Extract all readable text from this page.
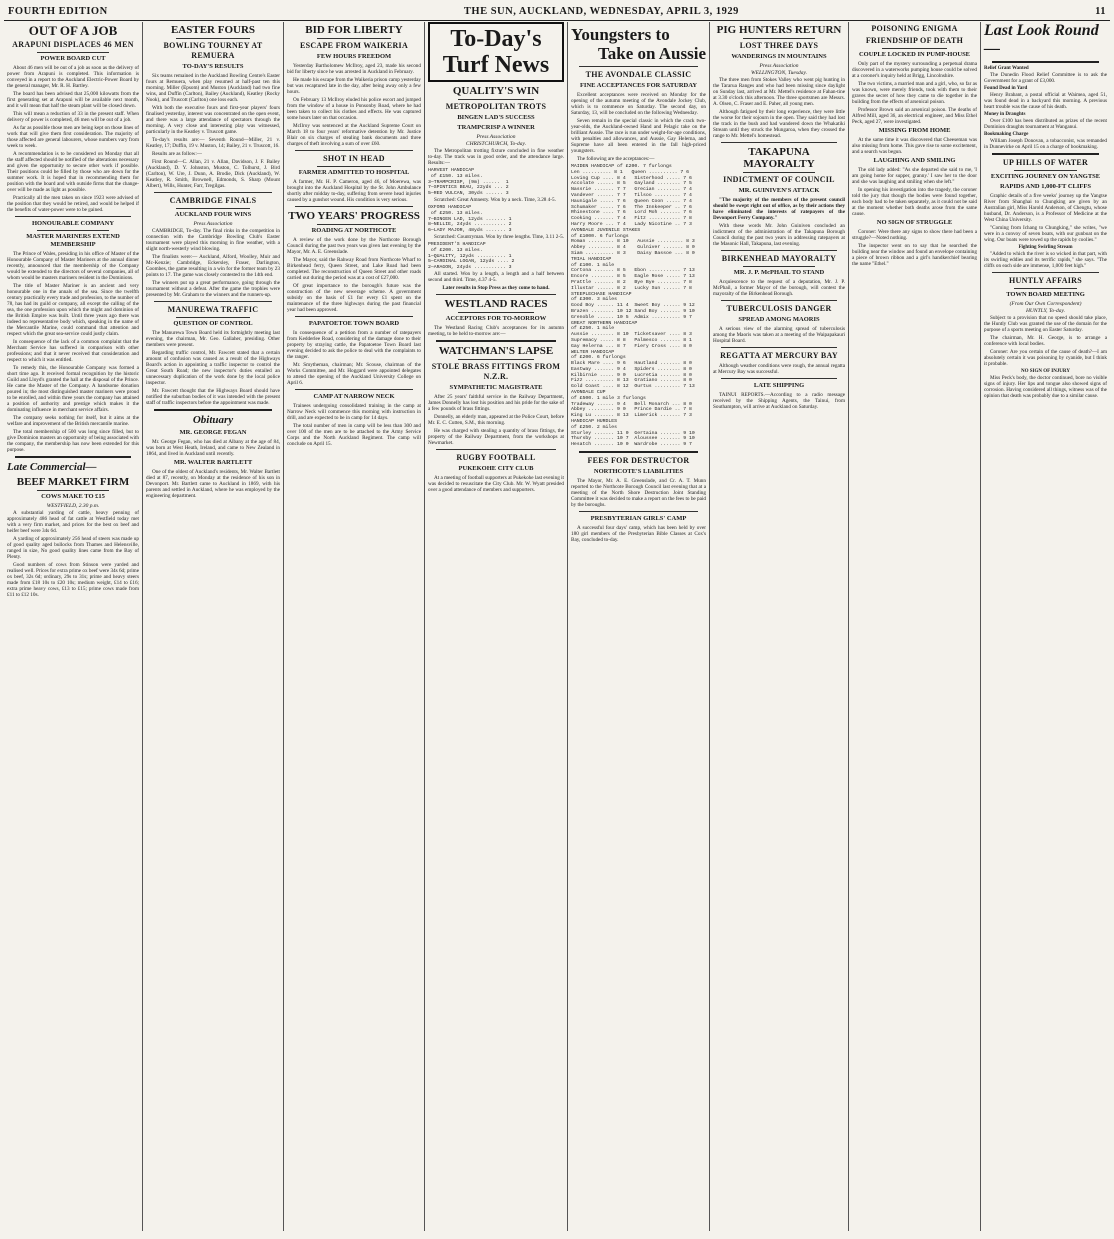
FOURTH EDITION	THE SUN, AUCKLAND, WEDNESDAY, APRIL 3, 1929	11
OUT OF A JOB
ARAPUNI DISPLACES 46 MEN
POWER BOARD CUT

About 46 men will be out of a job as soon as the delivery of power from Arapuni is completed. This information is conveyed in a report to the Auckland Electric-Power Board by the general manager, Mr. R. H. Bartley.

The board has been advised that 25,000 kilowatts from the first generating set at Arapuni will be available next month, and it will mean that half the steam plant will be closed down.

This will mean a reduction of 33 in the present staff. When delivery of power is completed, 46 men will be out of a job.

As far as possible those men are being kept on those lines of work that will give them first consideration. The majority of those affected are general labourers, whose numbers vary from week to week.

A recommendation is to be considered on Monday that all the staff affected should be notified of the alterations necessary and given the opportunity to secure other work if possible. Their positions could be filled by those who are down for the summer work. It is hoped that in recommending them for position with the board and with outside firms that the change-over will be made as light as possible.

Practically all the men taken on since 1923 were advised of the position that they would be retired, and would be helped if the benefits of water-power were to be gained.

HONOURABLE COMPANY
MASTER MARINERS EXTEND MEMBERSHIP

The Prince of Wales, presiding in his office of Master of the Honourable Company of Master Mariners at the annual dinner recently, announced that the membership of the Company would be extended to the directors of several companies, all of whom would be masters mariners resident in the Dominions.

The title of Master Mariner is an ancient and very honourable one in the annals of the sea. Since the twelfth century practically every trade and profession, to the number of 78, has had its guild or company, all except the calling of the sea, the one profession upon which the might and dominion of the British Empire was built. Until three years ago there was indeed no representative body which, speaking in the name of the Mercantile Marine, could command that attention and respect which the great sea-service could justly claim.

In consequence of the lack of a common complaint that the Merchant Service has suffered in comparison with other professions; and that it never received that consideration and respect to which it was entitled.

To remedy this, the Honourable Company was formed a short time ago. It received formal recognition by the historic Guild and Lloyd's granted the hall at the disposal of the Prince. He came the Master of the Company. A handsome donation poured in; the most distinguished master mariners were proud to be enrolled, and within three years the company has attained a position of authority and prestige which makes it the dominating influence in merchant service affairs.

The company seeks nothing for itself, but it aims at the welfare and improvement of the British mercantile marine.

The total membership of 500 was long since filled, but to give Dominion masters an opportunity of being associated with the company, the membership has now been extended for this purpose.

Late Commercial—
BEEF MARKET FIRM
COWS MAKE TO £15
WESTFIELD, 2.30 p.m.

A substantial yarding of cattle, heavy penning of approximately 486 head of fat cattle at Westfield today met with a very firm market, and prices for the best ox beef and heifer beef were 34s 6d.

A yarding of approximately 256 head of steers was made up of good quality aged bullocks from Thames and Helensville, ranged in size, No good quality lines came from the Bay of Plenty.

Good numbers of cows from Stinson were yarded and realised well. Prices for extra prime ox beef were 34s 6d; prime ox beef, 32s 6d; ordinary, 29s to 31s; prime and heavy steers made from £18 10s to £20 10s; medium weight, £14 to £16; extra prime heavy cows, £13 to £15; prime cows made from £11 to £12 10s.

EASTER FOURS
BOWLING TOURNEY AT REMUERA
TO-DAY'S RESULTS

Six teams remained in the Auckland Bowling Centre's Easter fours at Remuera, when play resumed at half-past ten this morning. Miller (Epsom) and Muston (Auckland) had two fine wins, and Duffin (Carlton), Bailey (Auckland), Keatley (Rocky Nook), and Truscott (Carlton) one loss each.

With both the executive fours and first-year players' fours finalised yesterday, interest was concentrated on the open event, and there was a large attendance of spectators through the morning. A very close and interesting play was witnessed, particularly in the Keatley v. Truscott game.

To-day's results are:— Seventh Round—Miller, 21 v. Keatley, 17; Duffin, 19 v. Muston, 14; Bailey, 21 v. Truscott, 16.

Results are as follow:—

First Round—C. Allan, 21 v. Allan, Davidson, J. F. Bailey (Auckland), D. Y. Johnston, Muston, C. Tolhurst, J. Bird (Carlton), W. Ure, J. Dunn, A. Brodie, Dick (Auckland), W. Keatley, R. Smith, Brownell, Edmonds, S. Sharp (Mount Albert), Wills, Hunter, Farr, Tregilgas.

CAMBRIDGE FINALS
AUCKLAND FOUR WINS
Press Association

CAMBRIDGE, To-day. The final rinks in the competition in connection with the Cambridge Bowling Club's Easter tournament were played this morning in fine weather, with a slight north-westerly wind blowing.

The finalists were:— Auckland, Alford, Woolley, Muir and Mc-Kenzie; Cambridge, Eckersley, Fraser, Darlington, Coombes, the game resulting in a win for the former team by 23 points to 17. The game was closely contested to the 14th end.

The winners put up a great performance, going through the tournament without a defeat. After the game the trophies were presented by Mr. Graham to the winners and the runners-up.

MANUREWA TRAFFIC
QUESTION OF CONTROL

The Manurewa Town Board held its fortnightly meeting last evening, the chairman, Mr. Geo. Gallaher, presiding. Other members were present.

Regarding traffic control, Mr. Fawcett stated that a certain amount of confusion was caused as a result of the Highways Board's action in appointing a traffic inspector to control the Great South Road; the new inspector's duties entailed an unnecessary duplication of the work done by the local police inspector.

Mr. Fawcett thought that the Highways Board should have notified the suburban bodies of it was intended with the present staff of traffic inspectors before the appointment was made.

Obituary
MR. GEORGE FEGAN

Mr. George Fegan, who has died at Albany at the age of 84, was born at West Heath, Ireland, and came to New Zealand in 1864, and lived in Auckland until recently.

MR. WALTER BARTLETT

One of the oldest of Auckland's residents, Mr. Walter Bartlett died at 87, recently, on Monday at the residence of his son in Devonport. Mr. Bartlett came to Auckland in 1869, with his parents and settled in Auckland, where he was employed by the engineering department.

BID FOR LIBERTY
ESCAPE FROM WAIKERIA
FEW HOURS FREEDOM

Yesterday Bartholomew McIlroy, aged 23, made his second bid for liberty since he was arrested in Auckland in February.

He made his escape from the Waikeria prison camp yesterday but was recaptured late in the day, after being away only a few hours.

On February 13 McIlroy eluded his police escort and jumped from the window of a house in Ponsonby Road, where he had been taken to collect his clothes and effects. He was captured some hours later on that occasion.

McIlroy was sentenced at the Auckland Supreme Court on March 18 to four years' reformative detention by Mr. Justice Blair on six charges of stealing bank documents and three charges of theft involving a sum of over £60.

SHOT IN HEAD
FARMER ADMITTED TO HOSPITAL

A farmer, Mr. H. P. Cameron, aged 46, of Moerewa, was brought into the Auckland Hospital by the St. John Ambulance shortly after midday to-day, suffering from severe head injuries caused by a gunshot wound. His condition is very serious.

TWO YEARS' PROGRESS
ROADING AT NORTHCOTE

A review of the work done by the Northcote Borough Council during the past two years was given last evening by the Mayor, Mr. A. E. Greenslade.

The Mayor, said the Rahway Road from Northcote Wharf to Birkenhead ferry, Queen Street, and Lake Road had been completed. The reconstruction of Queen Street and other roads carried out during the period was at a cost of £27,000.

Of great importance to the borough's future was the construction of the new sewerage scheme. A government subsidy on the basis of £1 for every £1 spent on the maintenance of the three highways during the past financial year had been approved.

PAPATOETOE TOWN BOARD

In consequence of a petition from a number of ratepayers from Kedderlee Road, considering of the damage done to their property by straying cattle, the Papatoetoe Town Board last evening decided to ask the police to deal with the complaints to the ranger.

Mr. Smytheman, chairman; Mr. Scouse, chairman of the Works Committee, and Mr. Hoggard were appointed delegates to attend the opening of the Auckland University College on April 6.

CAMP AT NARROW NECK

Trainees undergoing consolidated training in the camp at Narrow Neck will commence this morning with instruction in drill, and are expected to be in camp for 14 days.

The total number of men in camp will be less than 300 and over 100 of the men are to be attached to the Army Service Corps and the North Auckland Regiment. The camp will conclude on April 15.

To-Day's Turf News
QUALITY'S WIN
METROPOLITAN TROTS
BINGEN LAD'S SUCCESS
TRAMPCRISP A WINNER
Press Association
CHRISTCHURCH, To-day.

The Metropolitan trotting fixture concluded in fine weather to-day. The track was in good order, and the attendance large. Results:—

HARVEST HANDICAP
of £150. 13 miles.
3—TRAMPCRISP, (9m) ......  1
7—SPINTICS BEAU, 22yds ... 2
5—RED VULCAN, 30yds ...... 3

Scratched: Great Amnesty. Won by a neck. Time, 3.28 4-5.

OXFORD HANDICAP
of £250. 13 miles.
7—BINGEN LAD, 12yds ....... 1
8—NELLIE, 24yds ........... 2
6—LADY MAJOR, 48yds ....... 3

Scratched: Countryman. Won by three lengths. Time, 3.11 2-5.

PRESIDENT'S HANDICAP
of £200. 13 miles.
1—QUALITY, 12yds .......... 1
5—CARDINAL LOGAN, 12yds .... 2
2—ARAGON, 24yds ........... 3

All started. Won by a length, a length and a half between second and third. Time, 4.37 4-5.

Later results in Stop Press as they come to hand.

WESTLAND RACES
ACCEPTORS FOR TO-MORROW

The Westland Racing Club's acceptances for its autumn meeting, to be held to-morrow are:—

WATCHMAN'S LAPSE
STOLE BRASS FITTINGS FROM N.Z.R.
SYMPATHETIC MAGISTRATE

After 25 years' faithful service in the Railway Department, James Donnelly has lost his position and his pride for the sake of a few pounds of brass fittings.

Donnelly, an elderly man, appeared at the Police Court, before Mr. E. C. Cutten, S.M., this morning.

He was charged with stealing a quantity of brass fittings, the property of the Railway Department, from the workshops at Newmarket.

RUGBY FOOTBALL
PUKEKOHE CITY CLUB

At a meeting of football supporters at Pukekohe last evening it was decided to resuscitate the City Club. Mr. W. Wyatt presided over a good attendance of members and supporters.

Youngsters to
Take on Aussie
THE AVONDALE CLASSIC
FINE ACCEPTANCES FOR SATURDAY

Excellent acceptances were received on Monday for the opening of the autumn meeting of the Avondale Jockey Club, which is to commence on Saturday. The second day, on Saturday, 13, will be concluded on the following Wednesday.

Seven remain in the special classic in which the crack two-year-olds, the Auckland-owned Hand and Pelagic take on the brilliant Aussie. The race is run under weight-for-age conditions, with penalties and allowances, and Aussie, Gay Helerna, and Supreme have all been entered in the fall high-priced youngsters.

The following are the acceptances:—

MAIDEN HANDICAP of £200. 7 furlongs
Len .......... 8 1   Queen .......... 7 6
Loving Cup .... 8 4   Sisterhood ..... 7 6
Accolate ...... 8 5   Gayland ........ 7 5
Nassrie ....... 7 7   Grecian ........ 7 4
Vandever ...... 7 7   Tilsoo ......... 7 4
Haunigale ..... 7 6   Queen Coon ..... 7 4
Schumaker ..... 7 6   The Innkeeper .. 7 6
Rhinestone .... 7 6   Lord Moh ....... 7 6
Cooking ....... 7 4   Fitz ........... 7 8
Harry Moore ... 7 4   Lady Nicotine .. 7 3
AVONDALE JUVENILE STAKES
of £1000. 6 furlongs
Roman ......... 8 10   Aussie ......... 8 3
Abbey ......... 8 4    Gulniver ....... 8 0
Siam .......... 8 3    Daisy Bassoe ... 8 0
TRIAL HANDICAP
of £100. 1 mile
Cortona ....... 8 5   Ebon ........... 7 13
Encore ........ 8 5   Eagle Rose ..... 7 13
Prattle ....... 8 2   Bye Bye ........ 7 8
Illustar ...... 8 2   Lucky Sun ...... 7 8
STEEPLECHASE HANDICAP
of £300. 3 miles
Good Boy ...... 11 4  Sweet Boy ...... 9 12
Brazen ........ 10 12 Sand Boy ....... 9 10
Grenoble ...... 10 5  Admix .......... 9 7
GREAT NORTHERN HANDICAP
of £250. 1 mile
Aussie ........ 8 10  Ticketsaver .... 8 3
Supremacy ..... 8 8   Palmesco ....... 8 1
Gay Helerna ... 8 7   Fiery Cross .... 8 0
WELTER HANDICAP
of £200. 6 furlongs
Black Mare .... 9 6   Hautland ....... 8 0
Eastway ....... 9 4   Spiders ........ 8 0
Kilbirnie ..... 9 0   Lucretia ....... 8 0
Fizz .......... 8 13  Gratiano ....... 8 0
Gold Coast .... 8 12  Ourtus ......... 7 13
AVONDALE CUP
of £500. 1 mile 3 furlongs
Tradeway ...... 9 4   Bell Monarch ... 8 0
Abbey ......... 9 0   Prince Dardie .. 7 8
King Lu ....... 8 13  Limerick ....... 7 3
HANDICAP HURDLES
of £250. 2 miles
Sturley ....... 11 0  Gertaina ....... 9 10
Thursby ....... 10 7  Aloussee ....... 9 10
Hesatch ....... 10 0  Wardrobe ....... 9 7
FEES FOR DESTRUCTOR
NORTHCOTE'S LIABILITIES

The Mayor, Mr. A. E. Greenslade, and Cr. A. T. Munn reported to the Northcote Borough Council last evening that at a meeting of the North Shore Destruction Joint Standing Committee it was decided to make a report on the fees to be paid by the boroughs.

PRESBYTERIAN GIRLS' CAMP

A successful four days' camp, which has been held by over 180 girl members of the Presbyterian Bible Classes at Cox's Bay, concluded to-day.

PIG HUNTERS RETURN
LOST THREE DAYS
WANDERINGS IN MOUNTAINS
Press Association
WELLINGTON, Tuesday.

The three men from Stokes Valley who went pig hunting in the Tararua Ranges and who had been missing since daylight on Sunday last, arrived at Mr. Mettel's residence at Fahan-tine at 3.30 o'clock this afternoon. The three sportsmen are Messrs. A. Olsen, C. Fraser and E. Paher, all young men.

Although fatigued by their long experience, they were little the worse for their sojourn in the open. They said they had lost the track in the bush and had wandered down the Whakatiki Stream until they struck the Mungaroa, when they crossed the range to Mr. Mettel's homestead.

TAKAPUNA MAYORALTY
INDICTMENT OF COUNCIL
MR. GUINIVEN'S ATTACK

"The majority of the members of the present council should be swept right out of office, as by their actions they have eliminated the interests of ratepayers of the Devonport Ferry Company."

With these words Mr. John Guiniven concluded an indictment of the administration of the Takapuna Borough Council during the past two years in addressing ratepayers at the Masonic Hall, Takapuna, last evening.

BIRKENHEAD MAYORALTY
MR. J. P. McPHAIL TO STAND

Acquiescence to the request of a deputation, Mr. J. P. McPhail, a former Mayor of the borough, will contest the mayoralty of the Birkenhead Borough.

TUBERCULOSIS DANGER
SPREAD AMONG MAORIS

A serious view of the alarming spread of tuberculosis among the Maoris was taken at a meeting of the Waipapakauri Hospital Board.

REGATTA AT MERCURY BAY

Although weather conditions were rough, the annual regatta at Mercury Bay was successful.

LATE SHIPPING

TAINUI REPORTS.—According to a radio message received by the Shipping Agents, the Tainui, from Southampton, will arrive at Auckland on Saturday.

POISONING ENIGMA
FRIENDSHIP OF DEATH
COUPLE LOCKED IN PUMP-HOUSE

Only part of the mystery surrounding a perpetual drama discovered in a waterworks pumping house could be solved at a coroner's inquiry held at Brigg, Lincolnshire.

The two victims, a married man and a girl, who, so far as was known, were merely friends, took with them to their graves the secret of how they came to die together in the building from the effects of arsenical poison.

Professor Brown said an arsenical poison. The deaths of Alfred Mill, aged 36, an electrical engineer, and Miss Ethel Peck, aged 27, were investigated.

MISSING FROM HOME

At the same time it was discovered that Cheeseman was also missing from home. This gave rise to some excitement, and a search was begun.

LAUGHING AND SMILING

The old lady added: "As she departed she said to me, 'I am going home for supper, granny.' I saw her to the door and she was laughing and smiling when she left."

In opening his investigation into the tragedy, the coroner told the jury that though the bodies were found together, each body had to be taken separately, as it could not be said at the moment whether both deaths arose from the same cause.

NO SIGN OF STRUGGLE

Coroner: Were there any signs to show there had been a struggle?—Noted nothing.

The inspector went on to say that he searched the building near the window and found an envelope containing a piece of brown ribbon and a girl's handkerchief bearing the name "Ethel."

Last Look Round—
Relief Grant Wanted

The Dunedin Flood Relief Committee is to ask the Government for a grant of £3,000.

Found Dead in Yard

Henry Brabant, a postal official at Waimea, aged 51, was found dead in a backyard this morning. A previous heart trouble was the cause of his death.

Money in Draughts

Over £100 has been distributed as prizes of the recent Dominion draughts tournament at Wanganui.

Bookmaking Charge

William Joseph Donovan, a tobacconist, was remanded in Dunnevirke on April 15 on a charge of bookmaking.

UP HILLS OF WATER
EXCITING JOURNEY ON YANGTSE
RAPIDS AND 1,000-FT CLIFFS

Graphic details of a five weeks' journey up the Yangtse River from Shanghai to Chungking are given by an Australian girl, Miss Harold Anderson, of Chengtu, whose husband, Dr. Anderson, is a Professor of Medicine at the West China University.

"Coming from Ichang to Chungking," she writes, "we were in a convoy of seven boats, with our gunboat on the wing. Our boats were towed up the rapids by coolies."

Fighting Swirling Stream

"Added to which the river is so wicked in that part, with its swirling eddies and its terrific rapids," she says. "The cliffs on each side are immense, 1,000 feet high."

HUNTLY AFFAIRS
TOWN BOARD MEETING
(From Our Own Correspondent)
HUNTLY, To-day.

Subject to a provision that no speed should take place, the Huntly Club was granted the use of the domain for the purpose of a sports meeting on Easter Saturday.

The chairman, Mr. H. George, is to arrange a conference with local bodies.

Coroner: Are you certain of the cause of death?—I am absolutely certain it was poisoning by cyanide, but I think it probable.

NO SIGN OF INJURY

Miss Peck's body, the doctor continued, bore no visible signs of injury. Her lips and tongue also showed signs of corrosion. Having considered all things, witness was of the opinion that death was probably due to a similar cause.
